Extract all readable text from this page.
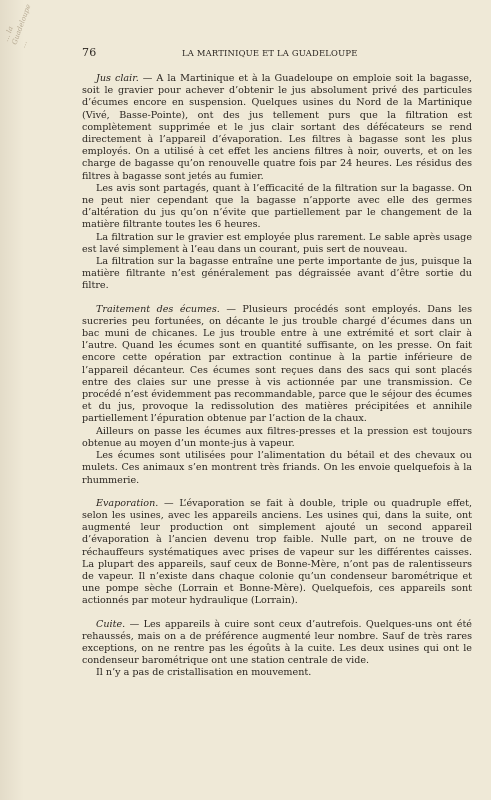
… la Guadeloupe …
76	LA MARTINIQUE ET LA GUADELOUPE

Jus clair. — A la Martinique et à la Guadeloupe on emploie soit la bagasse, soit le gravier pour achever d’obtenir le jus absolument privé des particules d’écumes encore en suspension. Quelques usines du Nord de la Martinique (Vivé, Basse-Pointe), ont des jus tellement purs que la filtration est complètement supprimée et le jus clair sortant des défécateurs se rend directement à l’appareil d’évaporation. Les filtres à bagasse sont les plus employés. On a utilisé à cet effet les anciens filtres à noir, ouverts, et on les charge de bagasse qu’on renouvelle quatre fois par 24 heures. Les résidus des filtres à bagasse sont jetés au fumier.

Les avis sont partagés, quant à l’efficacité de la filtration sur la bagasse. On ne peut nier cependant que la bagasse n’apporte avec elle des germes d’altération du jus qu’on n’évite que partiellement par le changement de la matière filtrante toutes les 6 heures.

La filtration sur le gravier est employée plus rarement. Le sable après usage est lavé simplement à l’eau dans un courant, puis sert de nouveau.

La filtration sur la bagasse entraîne une perte importante de jus, puisque la matière filtrante n’est généralement pas dégraissée avant d’être sortie du filtre.

Traitement des écumes. — Plusieurs procédés sont employés. Dans les sucreries peu fortunées, on décante le jus trouble chargé d’écumes dans un bac muni de chicanes. Le jus trouble entre à une extrémité et sort clair à l’autre. Quand les écumes sont en quantité suffisante, on les presse. On fait encore cette opération par extraction continue à la partie inférieure de l’appareil décanteur. Ces écumes sont reçues dans des sacs qui sont placés entre des claies sur une presse à vis actionnée par une transmission. Ce procédé n’est évidemment pas recommandable, parce que le séjour des écumes et du jus, provoque la redissolution des matières précipitées et annihile partiellement l’épuration obtenue par l’action de la chaux.

Ailleurs on passe les écumes aux filtres-presses et la pression est toujours obtenue au moyen d’un monte-jus à vapeur.

Les écumes sont utilisées pour l’alimentation du bétail et des chevaux ou mulets. Ces animaux s’en montrent très friands. On les envoie quelquefois à la rhummerie.

Evaporation. — L’évaporation se fait à double, triple ou quadruple effet, selon les usines, avec les appareils anciens. Les usines qui, dans la suite, ont augmenté leur production ont simplement ajouté un second appareil d’évaporation à l’ancien devenu trop faible. Nulle part, on ne trouve de réchauffeurs systématiques avec prises de vapeur sur les différentes caisses. La plupart des appareils, sauf ceux de Bonne-Mère, n’ont pas de ralentisseurs de vapeur. Il n’existe dans chaque colonie qu’un condenseur barométrique et une pompe sèche (Lorrain et Bonne-Mère). Quelquefois, ces appareils sont actionnés par moteur hydraulique (Lorrain).

Cuite. — Les appareils à cuire sont ceux d’autrefois. Quelques-uns ont été rehaussés, mais on a de préférence augmenté leur nombre. Sauf de très rares exceptions, on ne rentre pas les égoûts à la cuite. Les deux usines qui ont le condenseur barométrique ont une station centrale de vide.

Il n’y a pas de cristallisation en mouvement.
